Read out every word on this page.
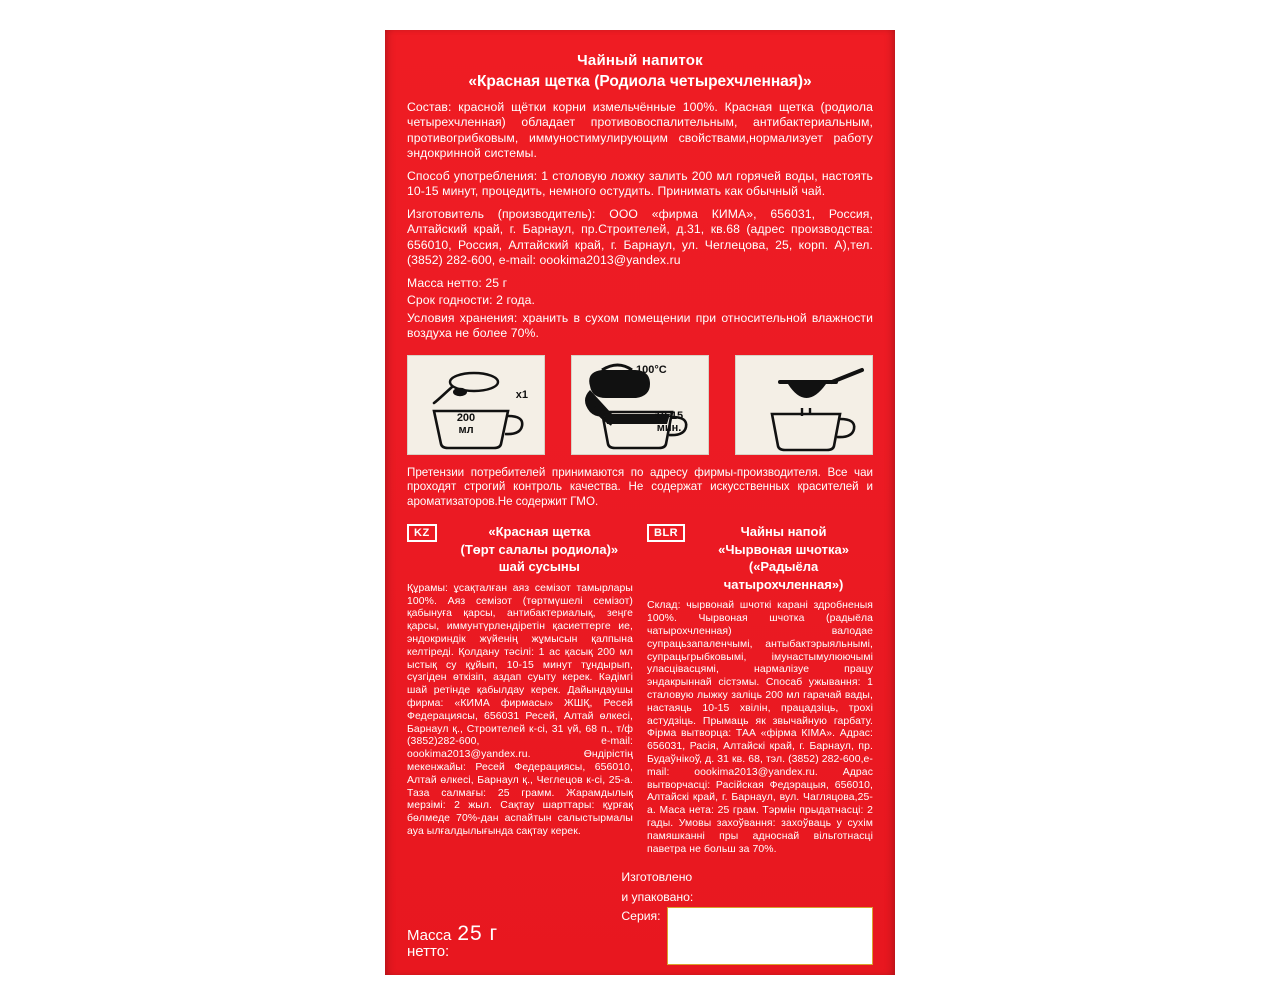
Чайный напиток
«Красная щетка (Родиола четырехчленная)»

Состав: красной щётки корни измельчённые 100%. Красная щетка (родиола четырехчленная) обладает противовоспалительным, антибактериальным, противогрибковым, иммуностимулирующим свойствами,нормализует работу эндокринной системы.

Способ употребления: 1 столовую ложку залить 200 мл горячей воды, настоять 10-15 минут, процедить, немного остудить. Принимать как обычный чай.

Изготовитель (производитель): ООО «фирма КИМА», 656031, Россия, Алтайский край, г. Барнаул, пр.Строителей, д.31, кв.68 (адрес производства: 656010, Россия, Алтайский край, г. Барнаул, ул. Чеглецова, 25, корп. А),тел. (3852) 282-600, e-mail: oookima2013@yandex.ru

Масса нетто: 25 г

Срок годности: 2 года.

Условия хранения: хранить в сухом помещении при относительной влажности воздуха не более 70%.

x1
200
мл
100°C
10-15
мин.

Претензии потребителей принимаются по адресу фирмы-производителя. Все чаи проходят строгий контроль качества. Не содержат искусственных красителей и ароматизаторов.Не содержит ГМО.

KZ	«Красная щетка
(Төрт салалы родиола)»
шай сусыны

Құрамы: ұсақталған аяз семізот тамырлары 100%. Аяз семізот (төртмүшелі семізот) қабынуға қарсы, антибактериалық, зеңге қарсы, иммунтүрлендіретін қасиеттерге ие, эндокриндік жүйенің жұмысын қалпына келтіреді. Қолдану тәсілі: 1 ас қасық 200 мл ыстық су құйып, 10-15 минут тұндырып, сүзгіден өткізіп, аздап суыту керек. Кәдімгі шай ретінде қабылдау керек. Дайындаушы фирма: «КИМА фирмасы» ЖШҚ, Ресей Федерациясы, 656031 Ресей, Алтай өлкесі, Барнаул қ., Строителей к-сі, 31 үй, 68 п., т/ф (3852)282-600, e-mail: oookima2013@yandex.ru. Өндірістің мекенжайы: Ресей Федерациясы, 656010, Алтай өлкесі, Барнаул қ., Чеглецов к-сі, 25-а. Таза салмағы: 25 грамм. Жарамдылық мерзімі: 2 жыл. Сақтау шарттары: құрғақ бөлмеде 70%-дан аспайтын салыстырмалы ауа ылғалдылығында сақтау керек.

BLR	Чайны напой
«Чырвоная шчотка»
(«Радыёла чатырохчленная»)

Склад: чырвонай шчоткі карані здробненыя 100%. Чырвоная шчотка (радыёла чатырохчленная) валодае супрацьзапаленчымі, антыбактэрыяльнымі, супрацьгрыбковымі, імунастымулюючымі уласцівасцямі, нармалізуе працу эндакрыннай сістэмы. Спосаб ужывання: 1 сталовую лыжку заліць 200 мл гарачай вады, настаяць 10-15 хвілін, працадзіць, трохі астудзіць. Прымаць як звычайную гарбату. Фірма вытворца: ТАА «фірма КІМА». Адрас: 656031, Расія, Алтайскі край, г. Барнаул, пр. Будаўнікоў, д. 31 кв. 68, тэл. (3852) 282-600,e-mail: oookima2013@yandex.ru. Адрас вытворчасці: Расійская Федэрацыя, 656010, Алтайскі край, г. Барнаул, вул. Чагляцова,25-а. Маса нета: 25 грам. Тэрмін прыдатнасці: 2 гады. Умовы захоўвання: захоўваць у сухім памяшканні пры аднoснай вільготнасці паветра не больш за 70%.

Масса
нетто:
25 г
Изготовлено
и упаковано:
Серия:
